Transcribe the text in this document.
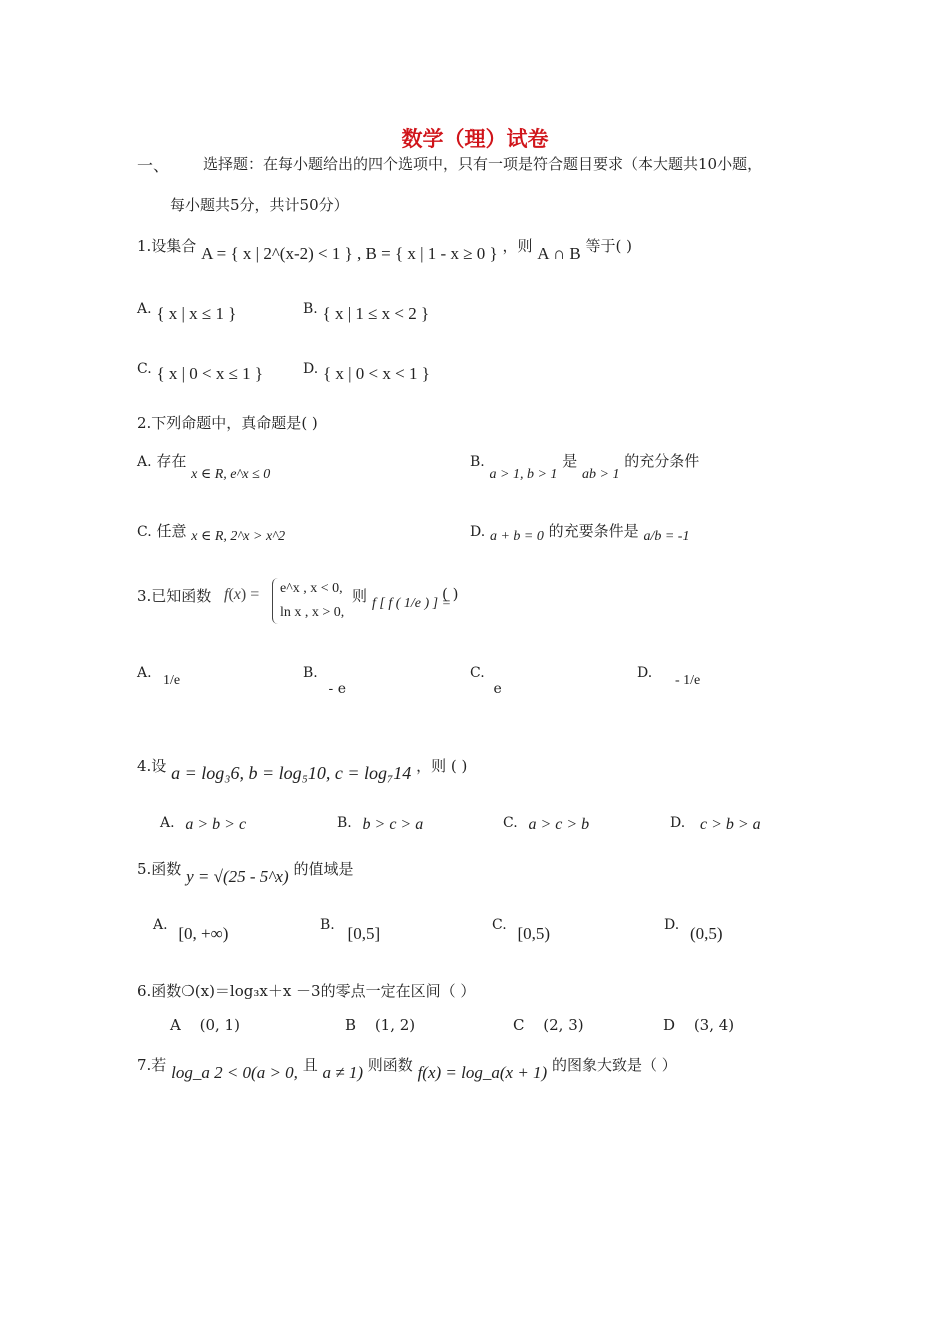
数学（理）试卷
一、 选择题：在每小题给出的四个选项中，只有一项是符合题目要求（本大题共10小题，
每小题共5分，共计50分）
1.设集合 A = { x | 2^(x-2) < 1 } , B = { x | 1 - x ≥ 0 } ，则 A ∩ B 等于( )
A. { x | x ≤ 1 }	B. { x | 1 ≤ x < 2 }
C. { x | 0 < x ≤ 1 }	D. { x | 0 < x < 1 }
2.下列命题中，真命题是( )
A. 存在 x ∈ R, e^x ≤ 0
B. a > 1, b > 1 是 ab > 1 的充分条件
C. 任意 x ∈ R, 2^x > x^2	D. a + b = 0 的充要条件是 a/b = -1
3.已知函数 f(x) = e^x , x < 0,
ln x , x > 0,
则 f [ f ( 1/e ) ] =
( )
A. 1/e	B. - e
C. e
D. - 1/e
4.设 a = log₃6, b = log₅10, c = log₇14 ，则 ( )
A. a > b > c	B. b > c > a	C. a > c > b	D. c > b > a
5.函数 y = √(25 - 5^x) 的值域是
A. [0, +∞)	B. [0,5]	C. [0,5)	D. (0,5)
6.函数❍(x)＝log₃x＋x －3的零点一定在区间（ ）
A (0, 1)	B (1, 2)	C (2, 3)	D (3, 4)
7.若 log_a 2 < 0(a > 0, 且 a ≠ 1) 则函数 f(x) = log_a(x + 1) 的图象大致是（ ）
